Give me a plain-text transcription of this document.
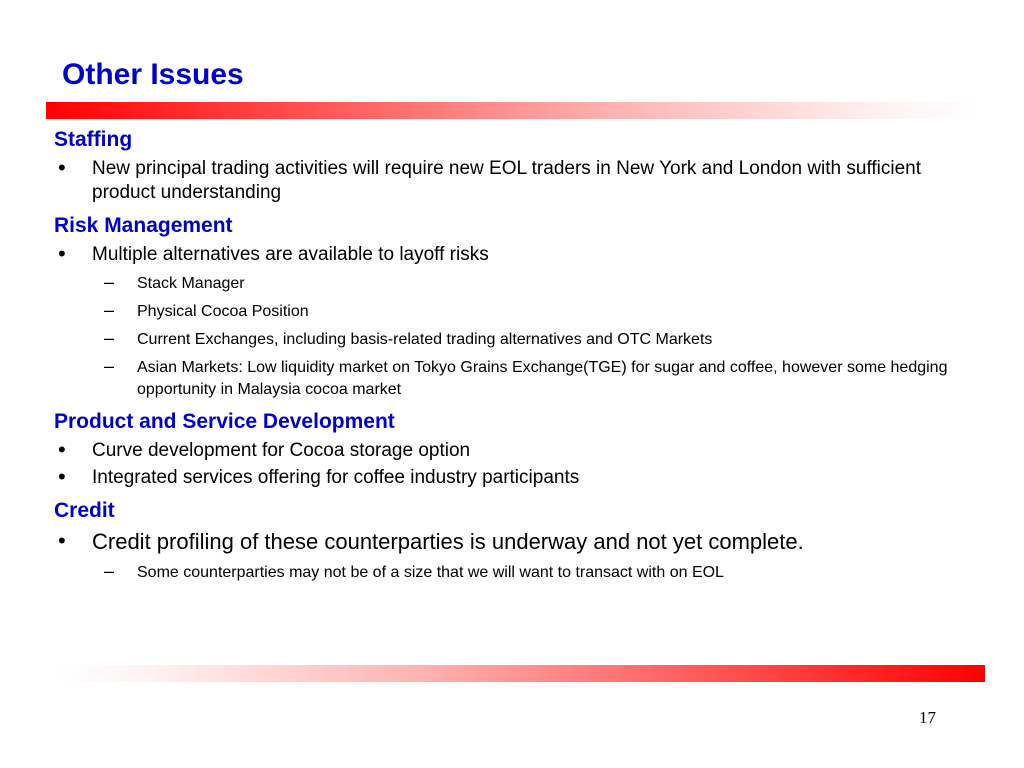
Other Issues
Staffing
• New principal trading activities will require new EOL traders in New York and London with sufficient product understanding
Risk Management
• Multiple alternatives are available to layoff risks
– Stack Manager
– Physical Cocoa Position
– Current Exchanges, including basis-related trading alternatives and OTC Markets
– Asian Markets: Low liquidity market on Tokyo Grains Exchange(TGE) for sugar and coffee, however some hedging opportunity in Malaysia cocoa market
Product and Service Development
• Curve development for Cocoa storage option
• Integrated services offering for coffee industry participants
Credit
• Credit profiling of these counterparties is underway and not yet complete.
– Some counterparties may not be of a size that we will want to transact with on EOL
17
